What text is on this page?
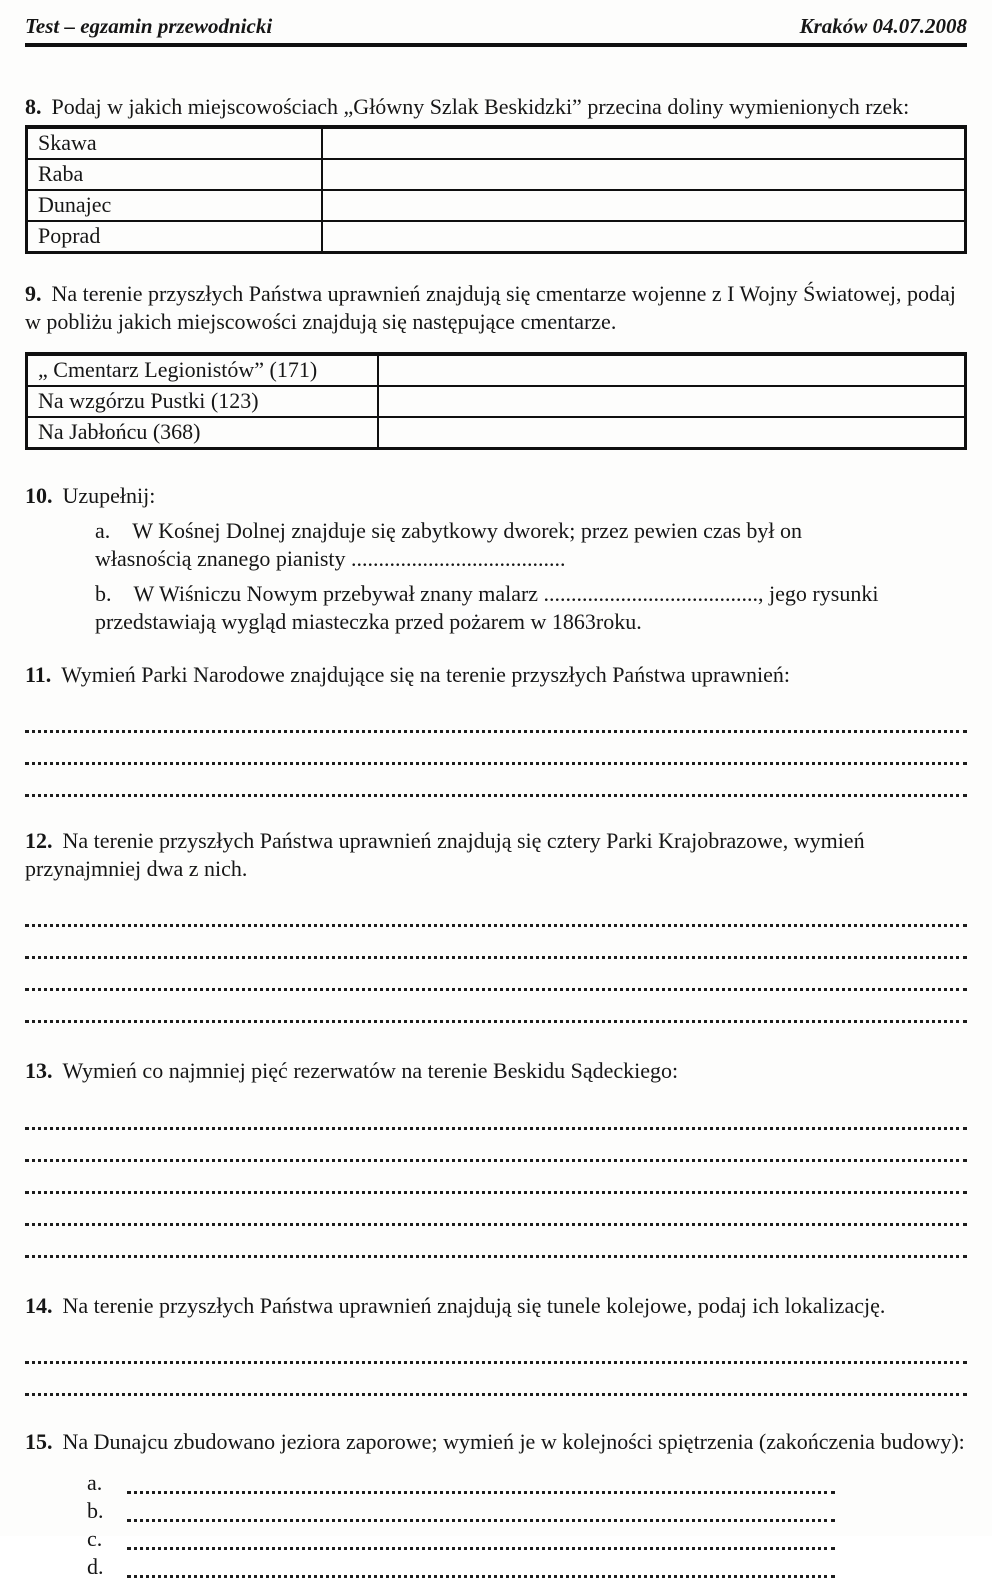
Test – egzamin przewodnicki	Kraków 04.07.2008

8. Podaj w jakich miejscowościach „Główny Szlak Beskidzki” przecina doliny wymienionych rzek:

Skawa
Raba
Dunajec
Poprad

9. Na terenie przyszłych Państwa uprawnień znajdują się cmentarze wojenne z I Wojny Światowej, podaj w pobliżu jakich miejscowości znajdują się następujące cmentarze.

„ Cmentarz Legionistów” (171)
Na wzgórzu Pustki (123)
Na Jabłońcu (368)

10. Uzupełnij:

a. W Kośnej Dolnej znajduje się zabytkowy dworek; przez pewien czas był on własnością znanego pianisty .......................................

b. W Wiśniczu Nowym przebywał znany malarz ......................................., jego rysunki przedstawiają wygląd miasteczka przed pożarem w 1863roku.

11. Wymień Parki Narodowe znajdujące się na terenie przyszłych Państwa uprawnień:

12. Na terenie przyszłych Państwa uprawnień znajdują się cztery Parki Krajobrazowe, wymień przynajmniej dwa z nich.

13. Wymień co najmniej pięć rezerwatów na terenie Beskidu Sądeckiego:

14. Na terenie przyszłych Państwa uprawnień znajdują się tunele kolejowe, podaj ich lokalizację.

15. Na Dunajcu zbudowano jeziora zaporowe; wymień je w kolejności spiętrzenia (zakończenia budowy):

a.
b.
c.
d.
